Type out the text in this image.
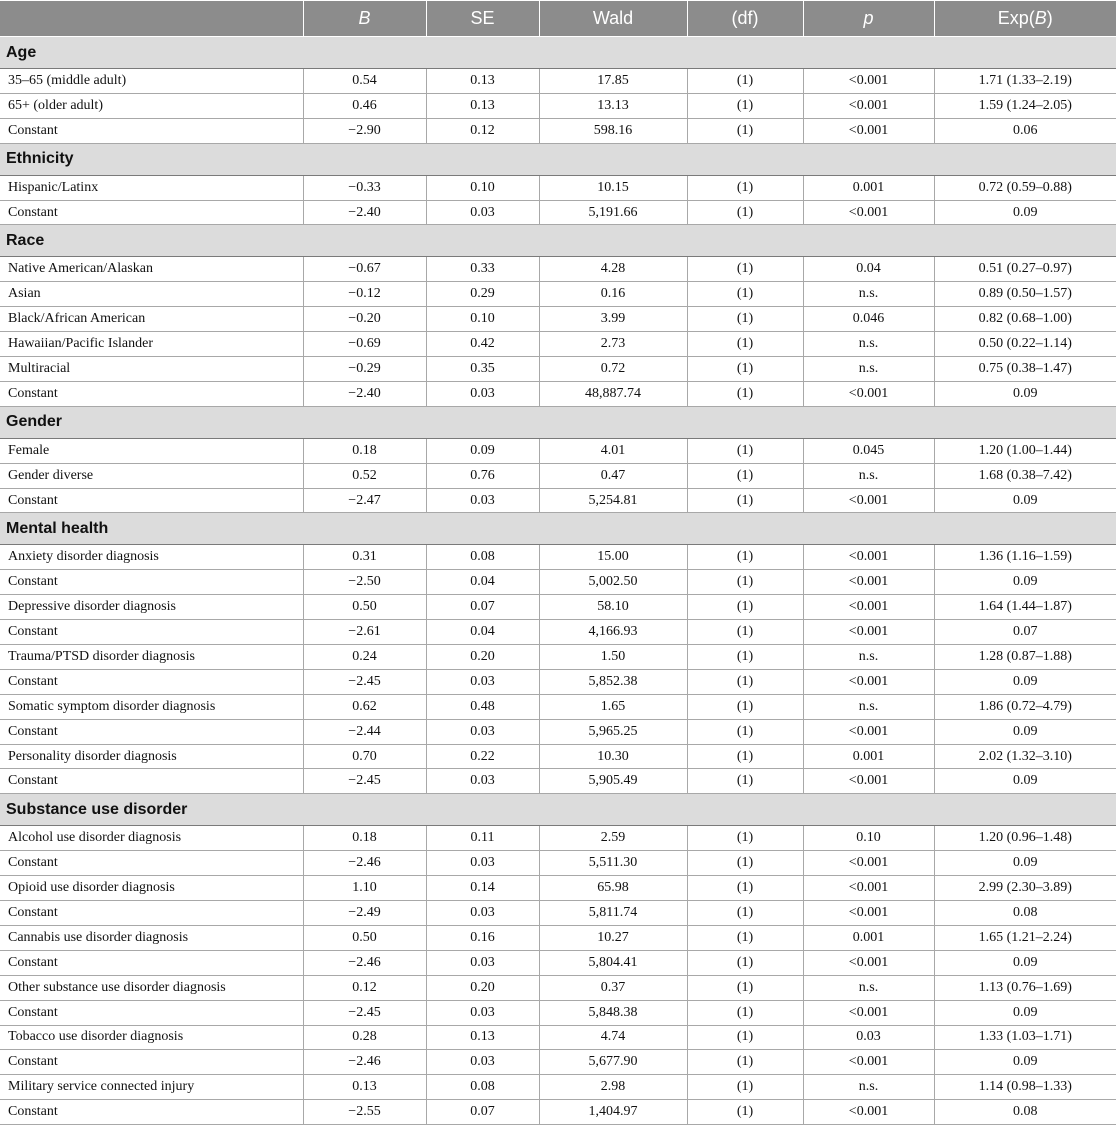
	B	SE	Wald	(df)	p	Exp(B)
Age						
35–65 (middle adult)	0.54	0.13	17.85	(1)	<0.001	1.71 (1.33–2.19)
65+ (older adult)	0.46	0.13	13.13	(1)	<0.001	1.59 (1.24–2.05)
Constant	−2.90	0.12	598.16	(1)	<0.001	0.06
Ethnicity						
Hispanic/Latinx	−0.33	0.10	10.15	(1)	0.001	0.72 (0.59–0.88)
Constant	−2.40	0.03	5,191.66	(1)	<0.001	0.09
Race						
Native American/Alaskan	−0.67	0.33	4.28	(1)	0.04	0.51 (0.27–0.97)
Asian	−0.12	0.29	0.16	(1)	n.s.	0.89 (0.50–1.57)
Black/African American	−0.20	0.10	3.99	(1)	0.046	0.82 (0.68–1.00)
Hawaiian/Pacific Islander	−0.69	0.42	2.73	(1)	n.s.	0.50 (0.22–1.14)
Multiracial	−0.29	0.35	0.72	(1)	n.s.	0.75 (0.38–1.47)
Constant	−2.40	0.03	48,887.74	(1)	<0.001	0.09
Gender						
Female	0.18	0.09	4.01	(1)	0.045	1.20 (1.00–1.44)
Gender diverse	0.52	0.76	0.47	(1)	n.s.	1.68 (0.38–7.42)
Constant	−2.47	0.03	5,254.81	(1)	<0.001	0.09
Mental health						
Anxiety disorder diagnosis	0.31	0.08	15.00	(1)	<0.001	1.36 (1.16–1.59)
Constant	−2.50	0.04	5,002.50	(1)	<0.001	0.09
Depressive disorder diagnosis	0.50	0.07	58.10	(1)	<0.001	1.64 (1.44–1.87)
Constant	−2.61	0.04	4,166.93	(1)	<0.001	0.07
Trauma/PTSD disorder diagnosis	0.24	0.20	1.50	(1)	n.s.	1.28 (0.87–1.88)
Constant	−2.45	0.03	5,852.38	(1)	<0.001	0.09
Somatic symptom disorder diagnosis	0.62	0.48	1.65	(1)	n.s.	1.86 (0.72–4.79)
Constant	−2.44	0.03	5,965.25	(1)	<0.001	0.09
Personality disorder diagnosis	0.70	0.22	10.30	(1)	0.001	2.02 (1.32–3.10)
Constant	−2.45	0.03	5,905.49	(1)	<0.001	0.09
Substance use disorder						
Alcohol use disorder diagnosis	0.18	0.11	2.59	(1)	0.10	1.20 (0.96–1.48)
Constant	−2.46	0.03	5,511.30	(1)	<0.001	0.09
Opioid use disorder diagnosis	1.10	0.14	65.98	(1)	<0.001	2.99 (2.30–3.89)
Constant	−2.49	0.03	5,811.74	(1)	<0.001	0.08
Cannabis use disorder diagnosis	0.50	0.16	10.27	(1)	0.001	1.65 (1.21–2.24)
Constant	−2.46	0.03	5,804.41	(1)	<0.001	0.09
Other substance use disorder diagnosis	0.12	0.20	0.37	(1)	n.s.	1.13 (0.76–1.69)
Constant	−2.45	0.03	5,848.38	(1)	<0.001	0.09
Tobacco use disorder diagnosis	0.28	0.13	4.74	(1)	0.03	1.33 (1.03–1.71)
Constant	−2.46	0.03	5,677.90	(1)	<0.001	0.09
Military service connected injury	0.13	0.08	2.98	(1)	n.s.	1.14 (0.98–1.33)
Constant	−2.55	0.07	1,404.97	(1)	<0.001	0.08
